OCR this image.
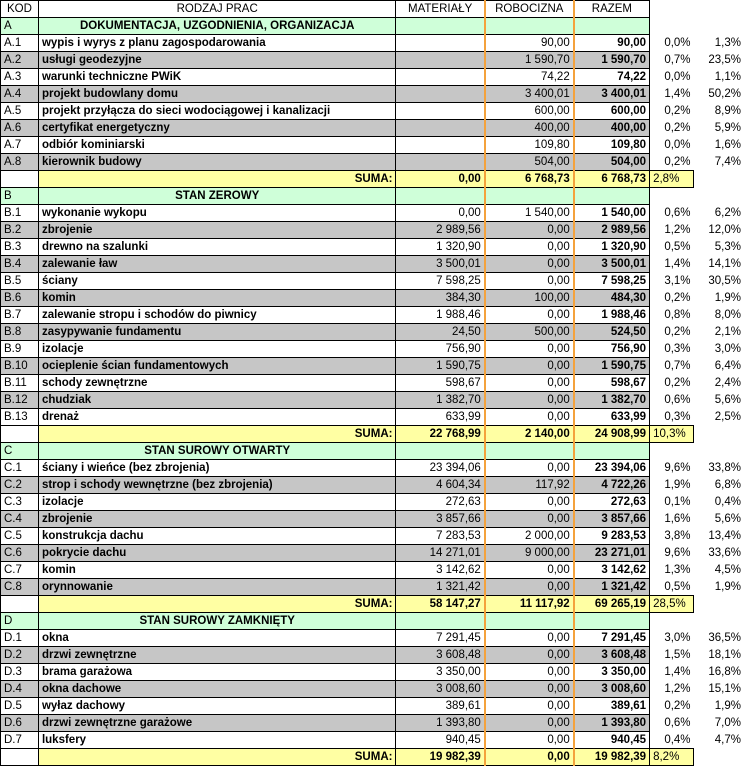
KOD	RODZAJ PRAC	MATERIAŁY	ROBOCIZNA	RAZEM		
A	DOKUMENTACJA, UZGODNIENIA, ORGANIZACJA					
A.1	wypis i wyrys z planu zagospodarowania		90,00	90,00	0,0%	1,3%
A.2	usługi geodezyjne		1 590,70	1 590,70	0,7%	23,5%
A.3	warunki techniczne PWiK		74,22	74,22	0,0%	1,1%
A.4	projekt budowlany domu		3 400,01	3 400,01	1,4%	50,2%
A.5	projekt przyłącza do sieci wodociągowej i kanalizacji		600,00	600,00	0,2%	8,9%
A.6	certyfikat energetyczny		400,00	400,00	0,2%	5,9%
A.7	odbiór kominiarski		109,80	109,80	0,0%	1,6%
A.8	kierownik budowy		504,00	504,00	0,2%	7,4%
	SUMA:	0,00	6 768,73	6 768,73	2,8%	
B	STAN ZEROWY					
B.1	wykonanie wykopu	0,00	1 540,00	1 540,00	0,6%	6,2%
B.2	zbrojenie	2 989,56	0,00	2 989,56	1,2%	12,0%
B.3	drewno na szalunki	1 320,90	0,00	1 320,90	0,5%	5,3%
B.4	zalewanie ław	3 500,01	0,00	3 500,01	1,4%	14,1%
B.5	ściany	7 598,25	0,00	7 598,25	3,1%	30,5%
B.6	komin	384,30	100,00	484,30	0,2%	1,9%
B.7	zalewanie stropu i schodów do piwnicy	1 988,46	0,00	1 988,46	0,8%	8,0%
B.8	zasypywanie fundamentu	24,50	500,00	524,50	0,2%	2,1%
B.9	izolacje	756,90	0,00	756,90	0,3%	3,0%
B.10	ocieplenie ścian fundamentowych	1 590,75	0,00	1 590,75	0,7%	6,4%
B.11	schody zewnętrzne	598,67	0,00	598,67	0,2%	2,4%
B.12	chudziak	1 382,70	0,00	1 382,70	0,6%	5,6%
B.13	drenaż	633,99	0,00	633,99	0,3%	2,5%
	SUMA:	22 768,99	2 140,00	24 908,99	10,3%	
C	STAN SUROWY OTWARTY					
C.1	ściany i wieńce (bez zbrojenia)	23 394,06	0,00	23 394,06	9,6%	33,8%
C.2	strop i schody wewnętrzne (bez zbrojenia)	4 604,34	117,92	4 722,26	1,9%	6,8%
C.3	izolacje	272,63	0,00	272,63	0,1%	0,4%
C.4	zbrojenie	3 857,66	0,00	3 857,66	1,6%	5,6%
C.5	konstrukcja dachu	7 283,53	2 000,00	9 283,53	3,8%	13,4%
C.6	pokrycie dachu	14 271,01	9 000,00	23 271,01	9,6%	33,6%
C.7	komin	3 142,62	0,00	3 142,62	1,3%	4,5%
C.8	orynnowanie	1 321,42	0,00	1 321,42	0,5%	1,9%
	SUMA:	58 147,27	11 117,92	69 265,19	28,5%	
D	STAN SUROWY ZAMKNIĘTY					
D.1	okna	7 291,45	0,00	7 291,45	3,0%	36,5%
D.2	drzwi zewnętrzne	3 608,48	0,00	3 608,48	1,5%	18,1%
D.3	brama garażowa	3 350,00	0,00	3 350,00	1,4%	16,8%
D.4	okna dachowe	3 008,60	0,00	3 008,60	1,2%	15,1%
D.5	wyłaz dachowy	389,61	0,00	389,61	0,2%	1,9%
D.6	drzwi zewnętrzne garażowe	1 393,80	0,00	1 393,80	0,6%	7,0%
D.7	luksfery	940,45	0,00	940,45	0,4%	4,7%
	SUMA:	19 982,39	0,00	19 982,39	8,2%	
